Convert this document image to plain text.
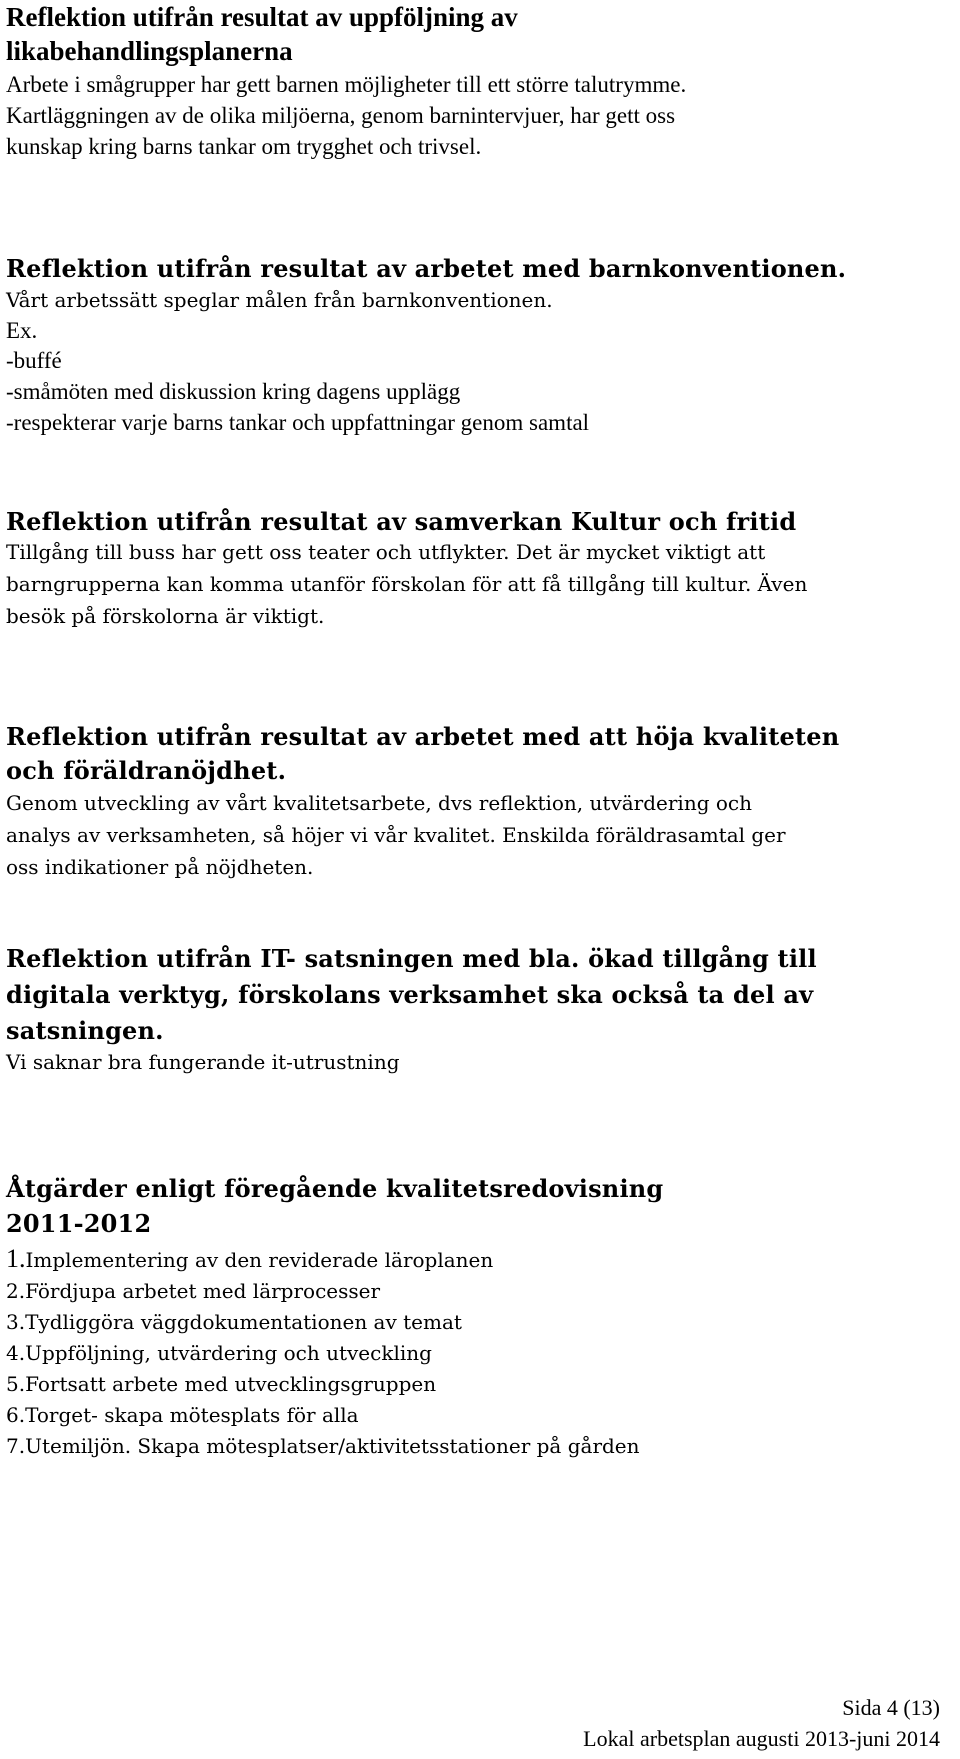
Reflektion utifrån resultat av uppföljning av
likabehandlingsplanerna
Arbete i smågrupper har gett barnen möjligheter till ett större talutrymme.
Kartläggningen av de olika miljöerna, genom barnintervjuer, har gett oss
kunskap kring barns tankar om trygghet och trivsel.
Reflektion utifrån resultat av arbetet med barnkonventionen.
Vårt arbetssätt speglar målen från barnkonventionen.
Ex.
-buffé
-småmöten med diskussion kring dagens upplägg
-respekterar varje barns tankar och uppfattningar genom samtal
Reflektion utifrån resultat av samverkan Kultur och fritid
Tillgång till buss har gett oss teater och utflykter. Det är mycket viktigt att
barngrupperna kan komma utanför förskolan för att få tillgång till kultur. Även
besök på förskolorna är viktigt.
Reflektion utifrån resultat av arbetet med att höja kvaliteten
och föräldranöjdhet.
Genom utveckling av vårt kvalitetsarbete, dvs reflektion, utvärdering och
analys av verksamheten, så höjer vi vår kvalitet. Enskilda föräldrasamtal ger
oss indikationer på nöjdheten.
Reflektion utifrån IT- satsningen med bla. ökad tillgång till
digitala verktyg, förskolans verksamhet ska också ta del av
satsningen.
Vi saknar bra fungerande it-utrustning
Åtgärder enligt föregående kvalitetsredovisning
2011-2012
1.Implementering av den reviderade läroplanen
2.Fördjupa arbetet med lärprocesser
3.Tydliggöra väggdokumentationen av temat
4.Uppföljning, utvärdering och utveckling
5.Fortsatt arbete med utvecklingsgruppen
6.Torget- skapa mötesplats för alla
7.Utemiljön. Skapa mötesplatser/aktivitetsstationer på gården
Sida 4 (13)
Lokal arbetsplan augusti 2013-juni 2014
